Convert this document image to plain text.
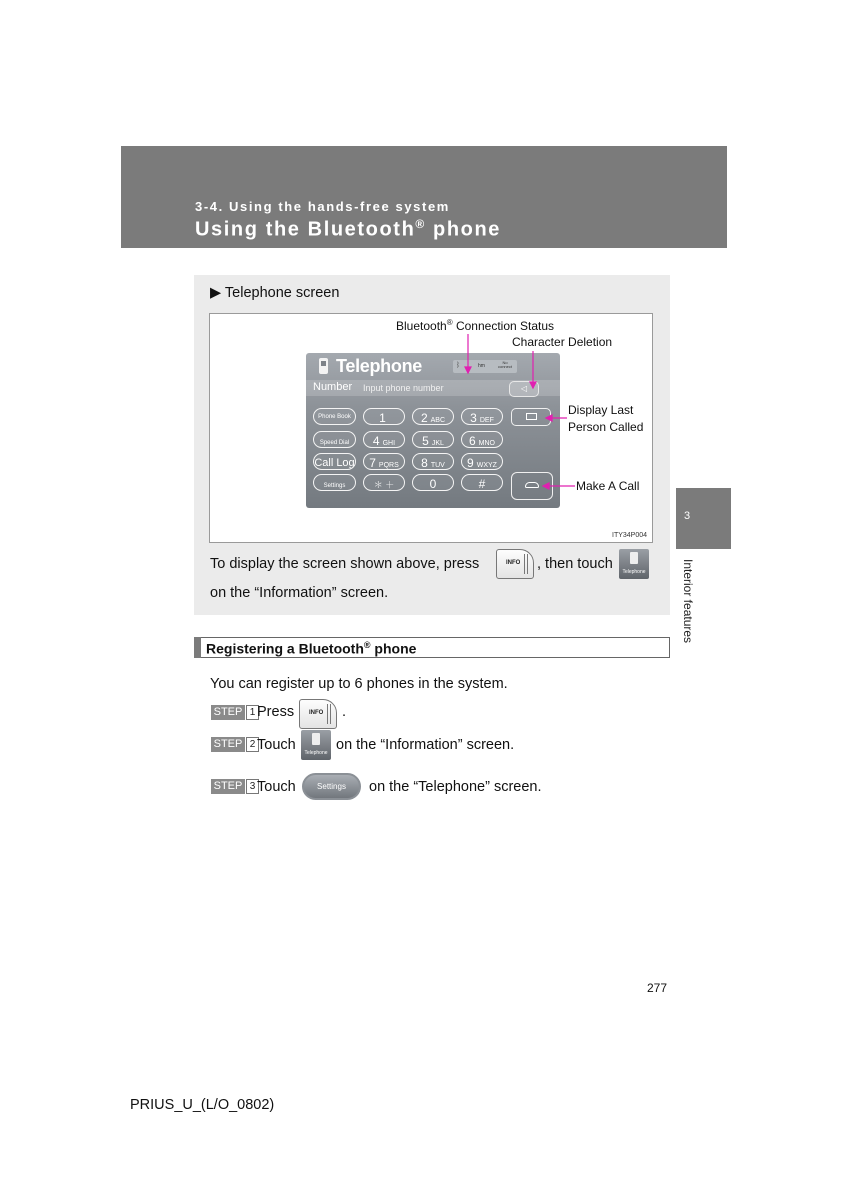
3-4. Using the hands-free system
Using the Bluetooth® phone
3
Interior features
▶ Telephone screen
Bluetooth® Connection Status
Character Deletion
Display Last
Person Called
Make A Call
ITY34P004
Telephone	ᛒ	hm
No connect
Number Input phone number	◁
Phone Book
Speed Dial
Call Log
Settings
1	2 ABC	3 DEF
4 GHI	5 JKL	6 MNO
7 PQRS	8 TUV	9 WXYZ
＊ ＋	0	#
To display the screen shown above, press	INFO , then touch	Telephone
on the “Information” screen.
Registering a Bluetooth® phone
You can register up to 6 phones in the system.
STEP 1 Press INFO .
STEP 2 Touch	Telephone on the “Information” screen.
STEP 3 Touch	Settings	on the “Telephone” screen.
277
PRIUS_U_(L/O_0802)
